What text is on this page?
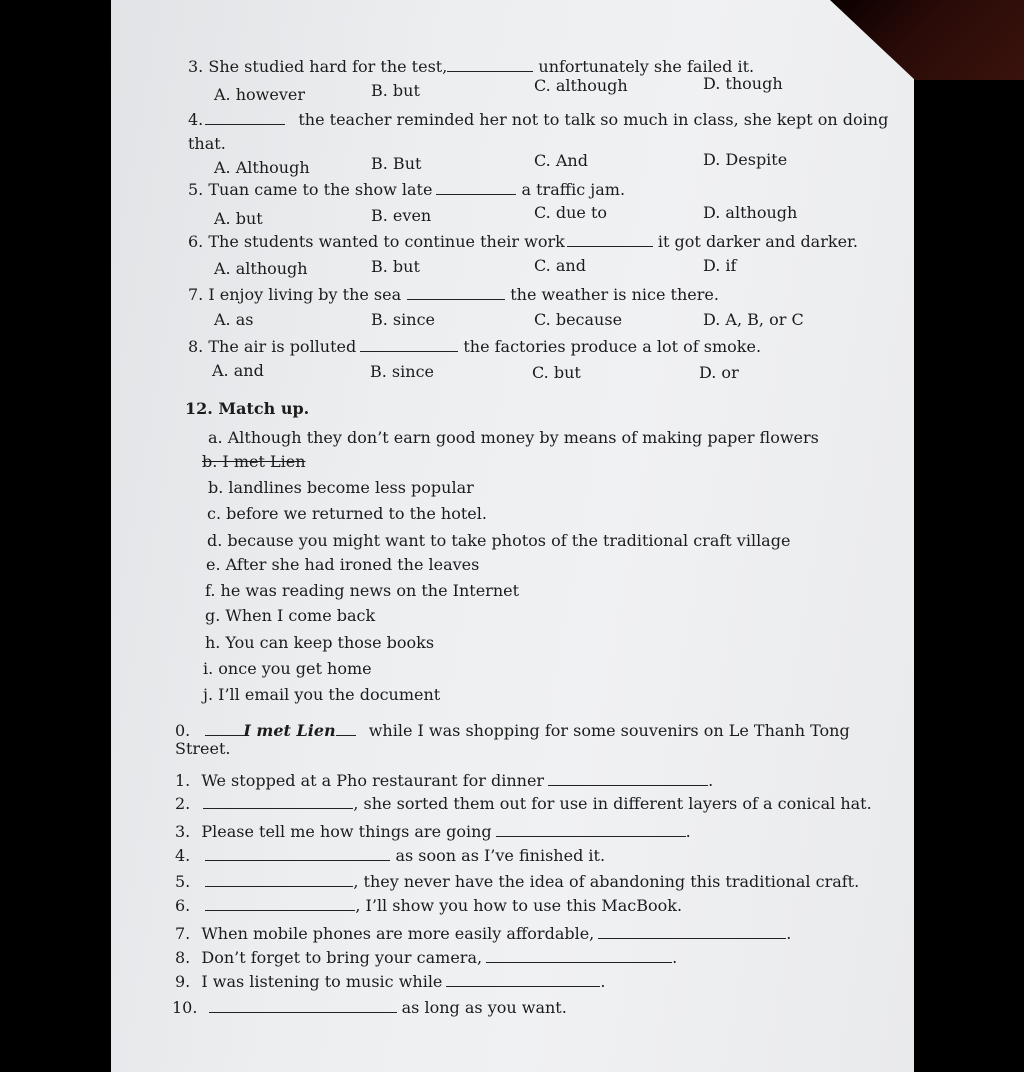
3. She studied hard for the test,	unfortunately she failed it.
A. however	B. but	C. although	D. though
4.	the teacher reminded her not to talk so much in class, she kept on doing
that.
A. Although	B. But	C. And	D. Despite
5. Tuan came to the show late	a traffic jam.
A. but	B. even	C. due to	D. although
6. The students wanted to continue their work	it got darker and darker.
A. although	B. but	C. and	D. if
7. I enjoy living by the sea	the weather is nice there.
A. as	B. since	C. because	D. A, B, or C
8. The air is polluted	the factories produce a lot of smoke.
A. and	B. since	C. but	D. or
12. Match up.
a. Although they don’t earn good money by means of making paper flowers
b. I met Lien
b. landlines become less popular
c. before we returned to the hotel.
d. because you might want to take photos of the traditional craft village
e. After she had ironed the leaves
f. he was reading news on the Internet
g. When I come back
h. You can keep those books
i. once you get home
j. I’ll email you the document
0.	I met Lien while I was shopping for some souvenirs on Le Thanh Tong
Street.
1. We stopped at a Pho restaurant for dinner	.
2.	, she sorted them out for use in different layers of a conical hat.
3. Please tell me how things are going	.
4.	as soon as I’ve finished it.
5.	, they never have the idea of abandoning this traditional craft.
6.	, I’ll show you how to use this MacBook.
7. When mobile phones are more easily affordable,	.
8. Don’t forget to bring your camera,	.
9. I was listening to music while	.
10.	as long as you want.
